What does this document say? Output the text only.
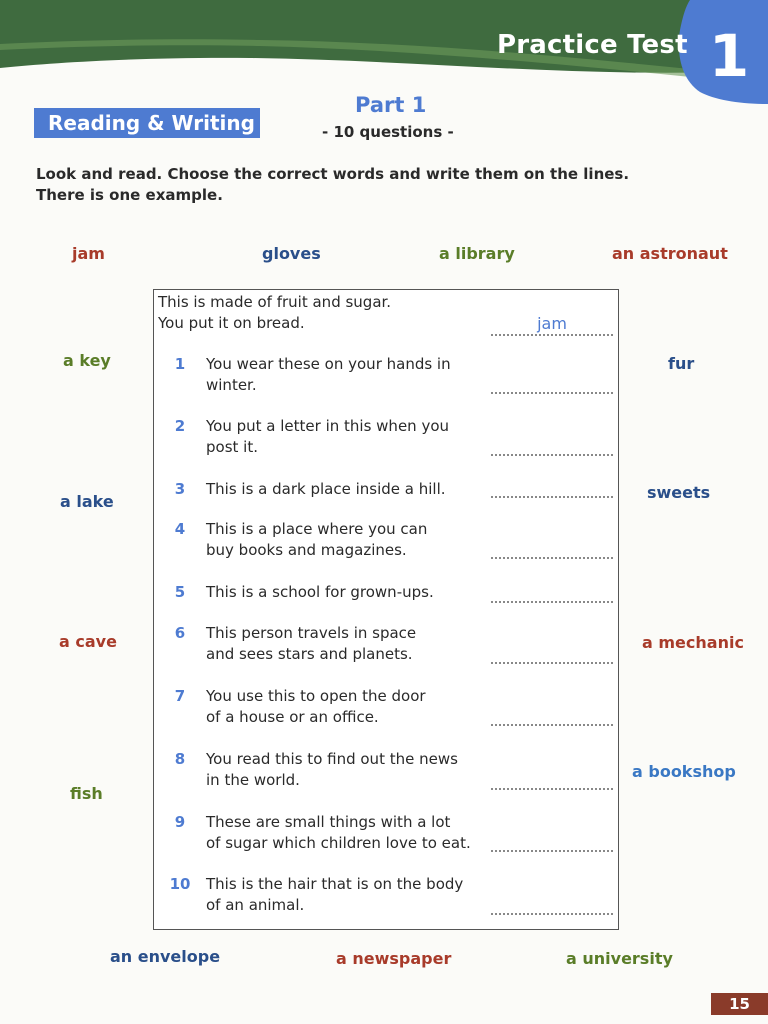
Practice Test 1
Reading & Writing
Part 1
- 10 questions -
Look and read. Choose the correct words and write them on the lines.
There is one example.
jam	gloves	a library	an astronaut
a key	fur
a lake	sweets
a cave	a mechanic
fish
a bookshop
an envelope	a newspaper	a university
This is made of fruit and sugar.
You put it on bread.	jam
1	You wear these on your hands in
winter.
2	You put a letter in this when you
post it.
3	This is a dark place inside a hill.
4	This is a place where you can
buy books and magazines.
5	This is a school for grown-ups.
6	This person travels in space
and sees stars and planets.
7	You use this to open the door
of a house or an office.
8	You read this to find out the news
in the world.
9	These are small things with a lot
of sugar which children love to eat.
10 This is the hair that is on the body
of an animal.
15
